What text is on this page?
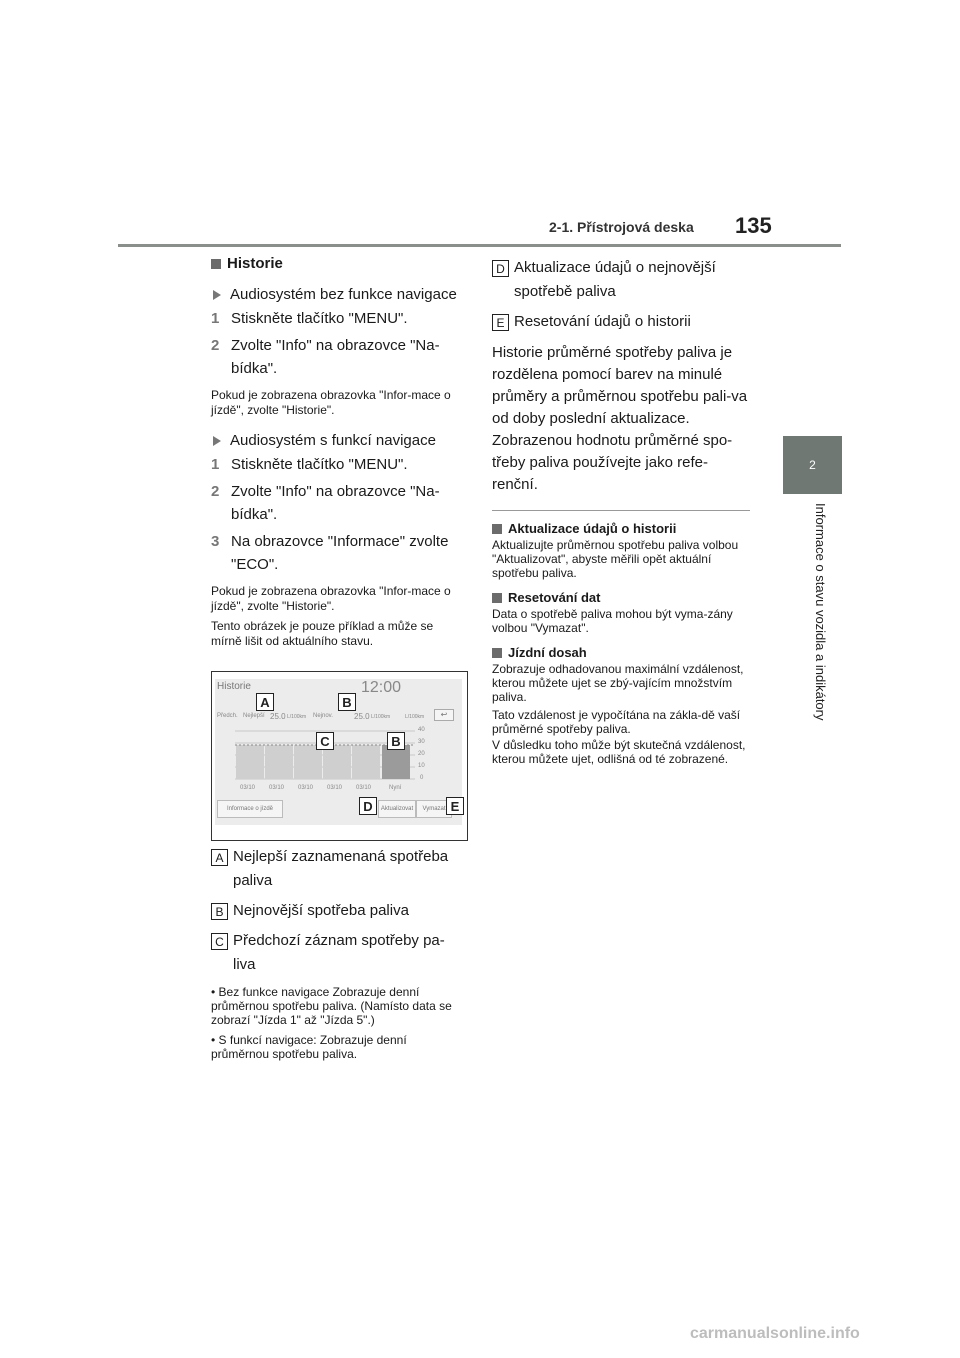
2-1. Přístrojová deska 135
2
Informace o stavu vozidla a indikátory
Historie
Audiosystém bez funkce navigace
1 Stiskněte tlačítko "MENU".
2 Zvolte "Info" na obrazovce "Na-bídka".
Pokud je zobrazena obrazovka "Infor-mace o jízdě", zvolte "Historie".
Audiosystém s funkcí navigace
1 Stiskněte tlačítko "MENU".
2 Zvolte "Info" na obrazovce "Na-bídka".
3 Na obrazovce "Informace" zvolte "ECO".
Pokud je zobrazena obrazovka "Infor-mace o jízdě", zvolte "Historie".
Tento obrázek je pouze příklad a může se mírně lišit od aktuálního stavu.
Historie	12:00
Předch. Nejlepší 25.0 L/100km Nejnov.	25.0 L/100km	L/100km	↩
40
30
20
10
0
03/10 03/10 03/10 03/10 03/10	Nyní
Informace o jízdě	Aktualizovat	Vymazat
A	B
C	B
D	E
A Nejlepší zaznamenaná spotřeba paliva
B Nejnovější spotřeba paliva
C Předchozí záznam spotřeby pa-liva
• Bez funkce navigace Zobrazuje denní průměrnou spotřebu paliva. (Namísto data se zobrazí "Jízda 1" až "Jízda 5".)
• S funkcí navigace: Zobrazuje denní průměrnou spotřebu paliva.
D Aktualizace údajů o nejnovější spotřebě paliva
E Resetování údajů o historii
Historie průměrné spotřeby paliva je rozdělena pomocí barev na minulé průměry a průměrnou spotřebu pali-va od doby poslední aktualizace. Zobrazenou hodnotu průměrné spo-třeby paliva používejte jako refe-renční.
Aktualizace údajů o historii
Aktualizujte průměrnou spotřebu paliva volbou "Aktualizovat", abyste měřili opět aktuální spotřebu paliva.
Resetování dat
Data o spotřebě paliva mohou být vyma-zány volbou "Vymazat".
Jízdní dosah
Zobrazuje odhadovanou maximální vzdálenost, kterou můžete ujet se zbý-vajícím množstvím paliva.
Tato vzdálenost je vypočítána na zákla-dě vaší průměrné spotřeby paliva.
V důsledku toho může být skutečná vzdálenost, kterou můžete ujet, odlišná od té zobrazené.
carmanualsonline.info
